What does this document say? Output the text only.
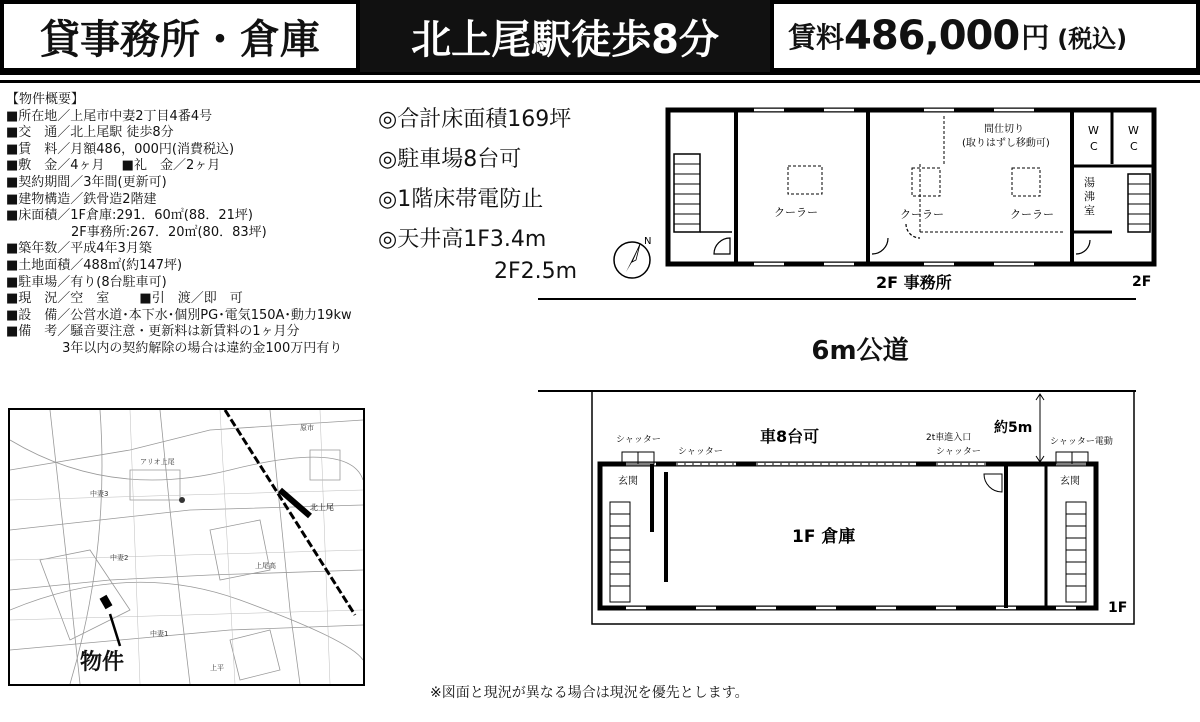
貸事務所・倉庫 北上尾駅徒歩8分 賃料 486,000 円 (税込)
【物件概要】
■所在地／上尾市中妻2丁目4番4号
■交　通／北上尾駅 徒歩8分
■賃　料／月額486，000円(消費税込)
■敷　金／4ヶ月　 ■礼　金／2ヶ月
■契約期間／3年間(更新可)
■建物構造／鉄骨造2階建
■床面積／1F倉庫:291．60㎡(88．21坪)
　　　　　2F事務所:267．20㎡(80．83坪)
■築年数／平成4年3月築
■土地面積／488㎡(約147坪)
■駐車場／有り(8台駐車可)
■現　況／空　室　　 ■引　渡／即　可
■設　備／公営水道･本下水･個別PG･電気150A･動力19kw
■備　考／騒音要注意・更新料は新賃料の1ヶ月分
　　　　 3年以内の契約解除の場合は違約金100万円有り
◎合計床面積169坪
◎駐車場8台可
◎1階床帯電防止
◎天井高1F3.4m
2F2.5m
N
クーラー	クーラー	クーラー
間仕切り
(取りはずし移動可)
W
C
W
C
湯
沸
室
2F 事務所	2F
6m公道
約5m
車8台可
シャッター
シャッター
2t車進入口
シャッター
シャッター電動
玄関	玄関
1F 倉庫
1F
北上尾
アリオ上尾
中妻3
中妻2
上尾高
原市
中妻1
上平
物件
※図面と現況が異なる場合は現況を優先とします。
